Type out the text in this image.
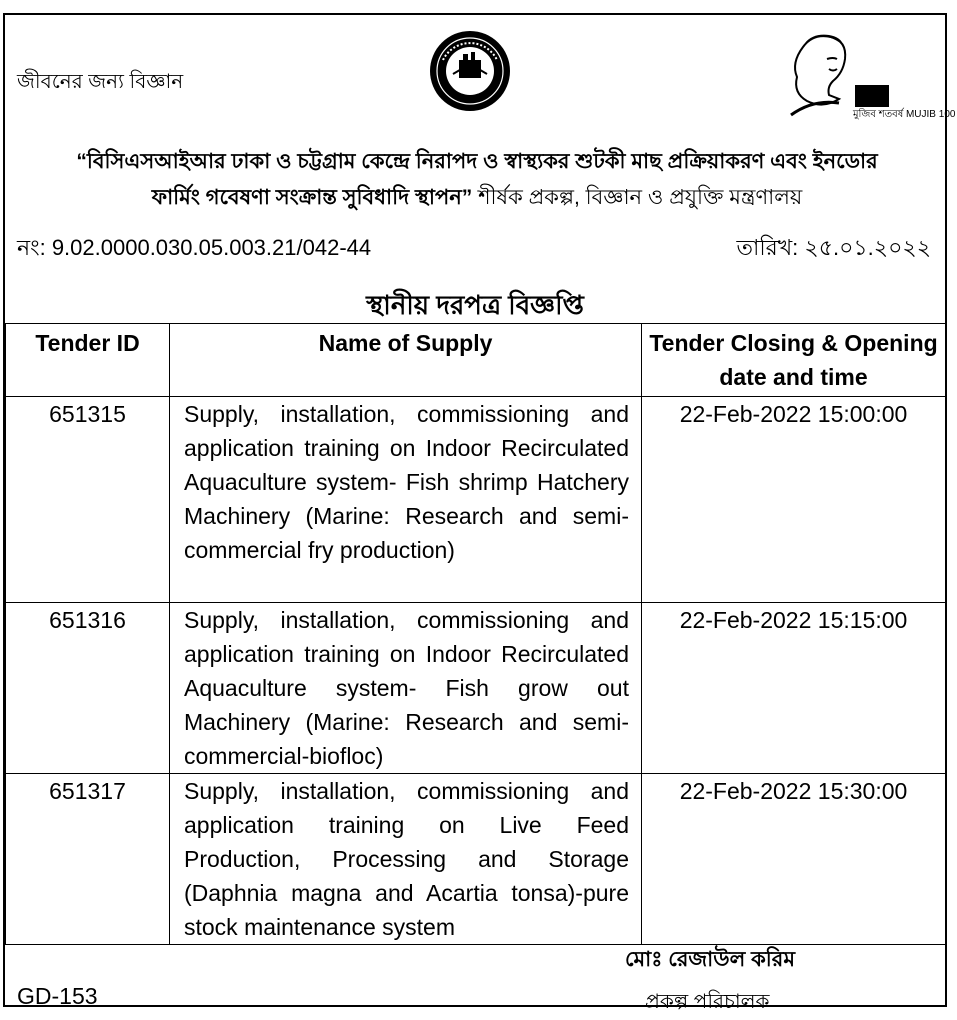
জীবনের জন্য বিজ্ঞান	BCSIR
মুজিব শতবর্ষ MUJIB 100
“বিসিএসআইআর ঢাকা ও চট্টগ্রাম কেন্দ্রে নিরাপদ ও স্বাস্থ্যকর শুটকী মাছ প্রক্রিয়াকরণ এবং ইনডোর
ফার্মিং গবেষণা সংক্রান্ত সুবিধাদি স্থাপন” শীর্ষক প্রকল্প, বিজ্ঞান ও প্রযুক্তি মন্ত্রণালয়
নং: 9.02.0000.030.05.003.21/042-44	তারিখ: ২৫.০১.২০২২
স্থানীয় দরপত্র বিজ্ঞপ্তি
Tender ID	Name of Supply	Tender Closing & Opening date and time
651315	Supply, installation, commissioning and application training on Indoor Recirculated Aquaculture system- Fish shrimp Hatchery Machinery (Marine: Research and semi-commercial fry production)	22-Feb-2022 15:00:00
651316	Supply, installation, commissioning and application training on Indoor Recirculated Aquaculture system- Fish grow out Machinery (Marine: Research and semi-commercial-biofloc)	22-Feb-2022 15:15:00
651317	Supply, installation, commissioning and application training on Live Feed Production, Processing and Storage (Daphnia magna and Acartia tonsa)-pure stock maintenance system	22-Feb-2022 15:30:00
GD-153
মোঃ রেজাউল করিম
প্রকল্প পরিচালক
